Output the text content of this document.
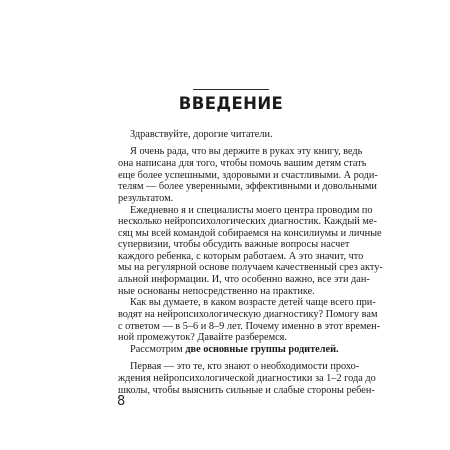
ВВЕДЕНИЕ

Здравствуйте, дорогие читатели.

Я очень рада, что вы держите в руках эту книгу, ведь
она написана для того, чтобы помочь вашим детям стать
еще более успешными, здоровыми и счастливыми. А роди-
телям — более уверенными, эффективными и довольными
результатом.

Ежедневно я и специалисты моего центра проводим по
несколько нейропсихологических диагностик. Каждый ме-
сяц мы всей командой собираемся на консилиумы и личные
супервизии, чтобы обсудить важные вопросы насчет
каждого ребенка, с которым работаем. А это значит, что
мы на регулярной основе получаем качественный срез акту-
альной информации. И, что особенно важно, все эти дан-
ные основаны непосредственно на практике.

Как вы думаете, в каком возрасте детей чаще всего при-
водят на нейропсихологическую диагностику? Помогу вам
с ответом — в 5–6 и 8–9 лет. Почему именно в этот времен-
ной промежуток? Давайте разберемся.

Рассмотрим две основные группы родителей.

Первая — это те, кто знают о необходимости прохо-
ждения нейропсихологической диагностики за 1–2 года до
школы, чтобы выяснить сильные и слабые стороны ребен-

8
